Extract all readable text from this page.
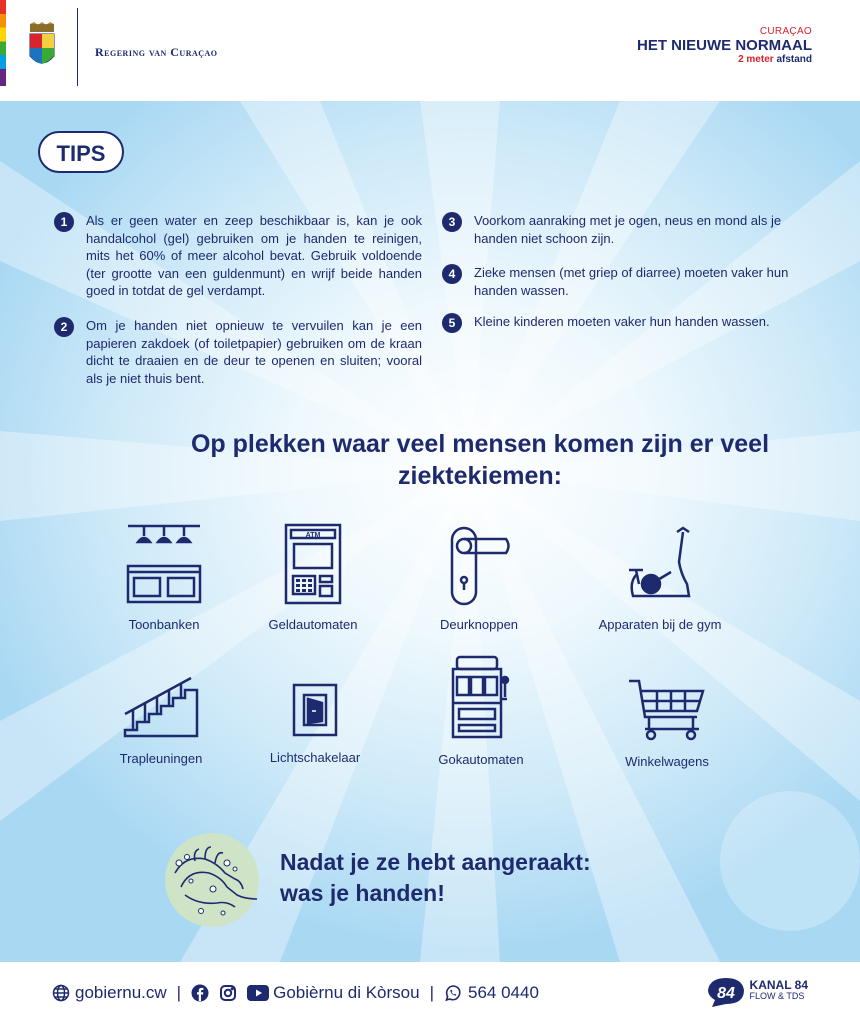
Regering van Curaçao
CURAÇAO
HET NIEUWE NORMAAL
2 meter afstand
TIPS
1	Als er geen water en zeep beschikbaar is, kan je ook handalcohol (gel) gebruiken om je handen te reinigen, mits het 60% of meer alcohol bevat. Gebruik voldoende (ter grootte van een guldenmunt) en wrijf beide handen goed in totdat de gel verdampt.
2	Om je handen niet opnieuw te vervuilen kan je een papieren zakdoek (of toiletpapier) gebruiken om de kraan dicht te draaien en de deur te openen en sluiten; vooral als je niet thuis bent.
3	Voorkom aanraking met je ogen, neus en mond als je handen niet schoon zijn.
4	Zieke mensen (met griep of diarree) moeten vaker hun handen wassen.
5	Kleine kinderen moeten vaker hun handen wassen.
Op plekken waar veel mensen komen zijn er veel ziektekiemen:
Toonbanken
ATM
Geldautomaten	Deurknoppen	Apparaten bij de gym
Trapleuningen	Lichtschakelaar	Gokautomaten	Winkelwagens
Nadat je ze hebt aangeraakt:
was je handen!
gobiernu.cw |	Gobièrnu di Kòrsou | 564 0440	84 KANAL 84
FLOW & TDS
